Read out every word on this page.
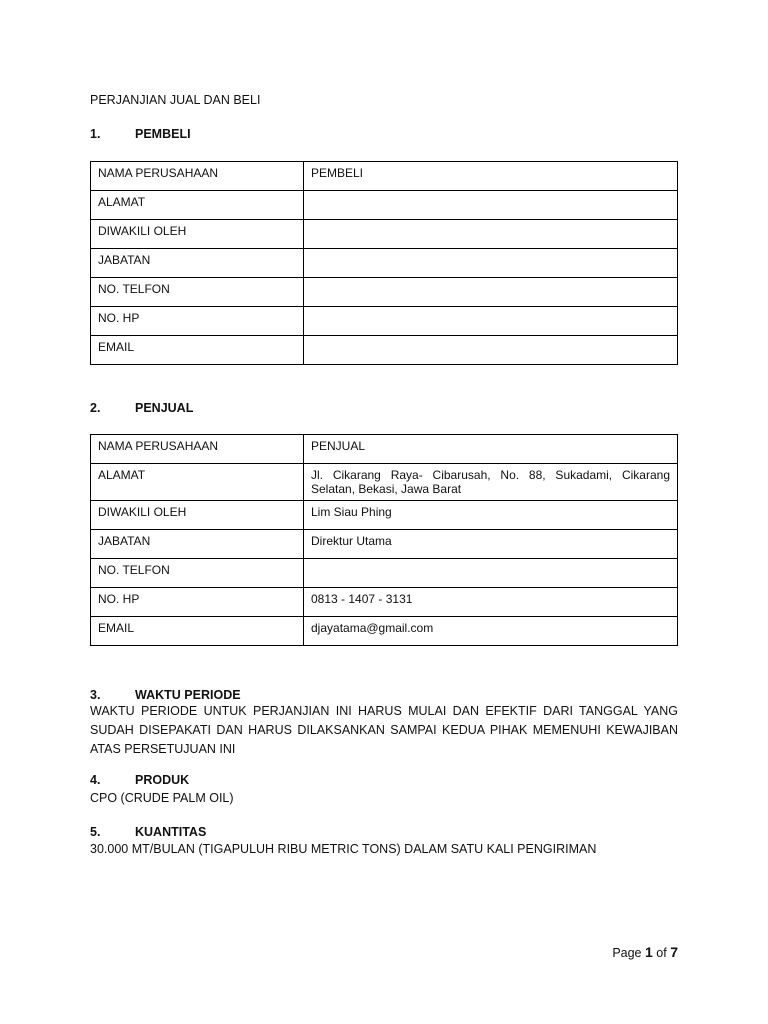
PERJANJIAN JUAL DAN BELI
1.	PEMBELI
NAMA PERUSAHAAN	PEMBELI
ALAMAT	
DIWAKILI OLEH	
JABATAN	
NO. TELFON	
NO. HP	
EMAIL	
2.	PENJUAL
NAMA PERUSAHAAN	PENJUAL
ALAMAT	Jl. Cikarang Raya- Cibarusah, No. 88, Sukadami, Cikarang Selatan, Bekasi, Jawa Barat
DIWAKILI OLEH	Lim Siau Phing
JABATAN	Direktur Utama
NO. TELFON	
NO. HP	0813 - 1407 - 3131
EMAIL	djayatama@gmail.com
3.	WAKTU PERIODE
WAKTU PERIODE UNTUK PERJANJIAN INI HARUS MULAI DAN EFEKTIF DARI TANGGAL YANG SUDAH DISEPAKATI DAN HARUS DILAKSANKAN SAMPAI KEDUA PIHAK MEMENUHI KEWAJIBAN ATAS PERSETUJUAN INI
4.	PRODUK
CPO (CRUDE PALM OIL)
5.	KUANTITAS
30.000 MT/BULAN (TIGAPULUH RIBU METRIC TONS) DALAM SATU KALI PENGIRIMAN
Page 1 of 7
